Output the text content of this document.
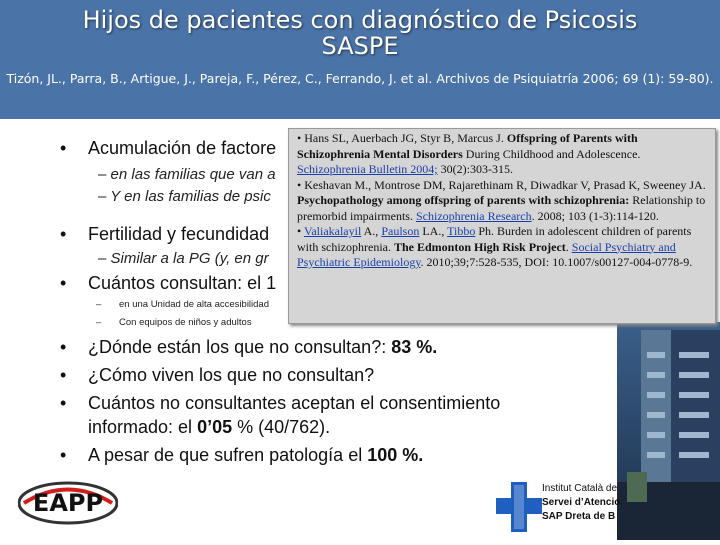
Hijos de pacientes con diagnóstico de Psicosis
SASPE
Tizón, JL., Parra, B., Artigue, J., Pareja, F., Pérez, C., Ferrando, J. et al. Archivos de Psiquiatría 2006; 69 (1): 59-80).
• Acumulación de factore
– en las familias que van a
– Y en las familias de psic
• Fertilidad y fecundidad
– Similar a la PG (y, en gr
• Cuántos consultan: el 1
– en una Unidad de alta accesibilidad
– Con equipos de niños y adultos
• ¿Dónde están los que no consultan?: 83 %.
• ¿Cómo viven los que no consultan?
• Cuántos no consultantes aceptan el consentimiento
informado: el 0’05 % (40/762).
• A pesar de que sufren patología el 100 %.

• Hans SL, Auerbach JG, Styr B, Marcus J. Offspring of Parents with Schizophrenia Mental Disorders During Childhood and Adolescence. Schizophrenia Bulletin 2004; 30(2):303-315.

• Keshavan M., Montrose DM, Rajarethinam R, Diwadkar V, Prasad K, Sweeney JA. Psychopathology among offspring of parents with schizophrenia: Relationship to premorbid impairments. Schizophrenia Research. 2008; 103 (1-3):114-120.

• Valiakalayil A., Paulson LA., Tibbo Ph. Burden in adolescent children of parents with schizophrenia. The Edmonton High Risk Project. Social Psychiatry and Psychiatric Epidemiology. 2010;39;7:528-535, DOI: 10.1007/s00127-004-0778-9.

EAPP
Institut Català de
Servei d’Atencio
SAP Dreta de B
